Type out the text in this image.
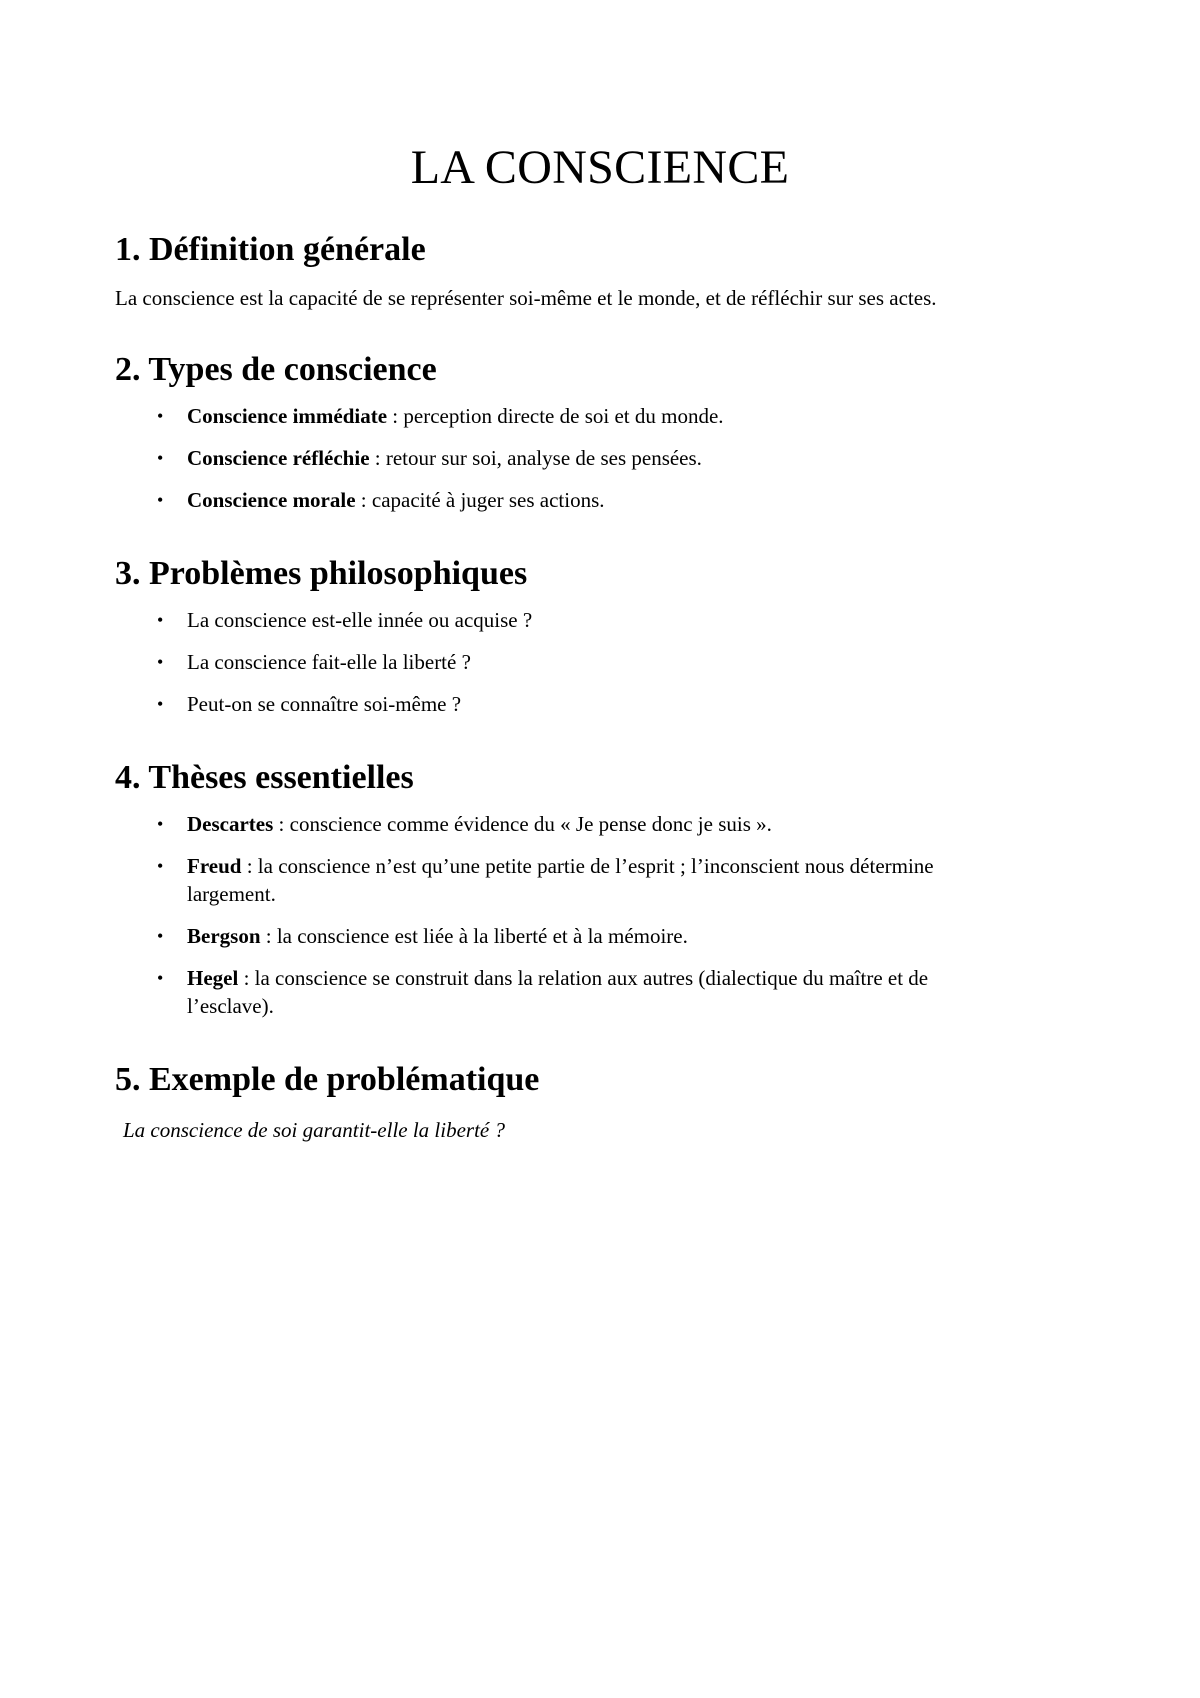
LA CONSCIENCE
1. Définition générale

La conscience est la capacité de se représenter soi-même et le monde, et de réfléchir sur ses actes.

2. Types de conscience
• Conscience immédiate : perception directe de soi et du monde.
• Conscience réfléchie : retour sur soi, analyse de ses pensées.
• Conscience morale : capacité à juger ses actions.
3. Problèmes philosophiques
• La conscience est-elle innée ou acquise ?
• La conscience fait-elle la liberté ?
• Peut-on se connaître soi-même ?
4. Thèses essentielles
• Descartes : conscience comme évidence du « Je pense donc je suis ».
• Freud : la conscience n’est qu’une petite partie de l’esprit ; l’inconscient nous détermine largement.
• Bergson : la conscience est liée à la liberté et à la mémoire.
• Hegel : la conscience se construit dans la relation aux autres (dialectique du maître et de l’esclave).
5. Exemple de problématique

La conscience de soi garantit-elle la liberté ?
